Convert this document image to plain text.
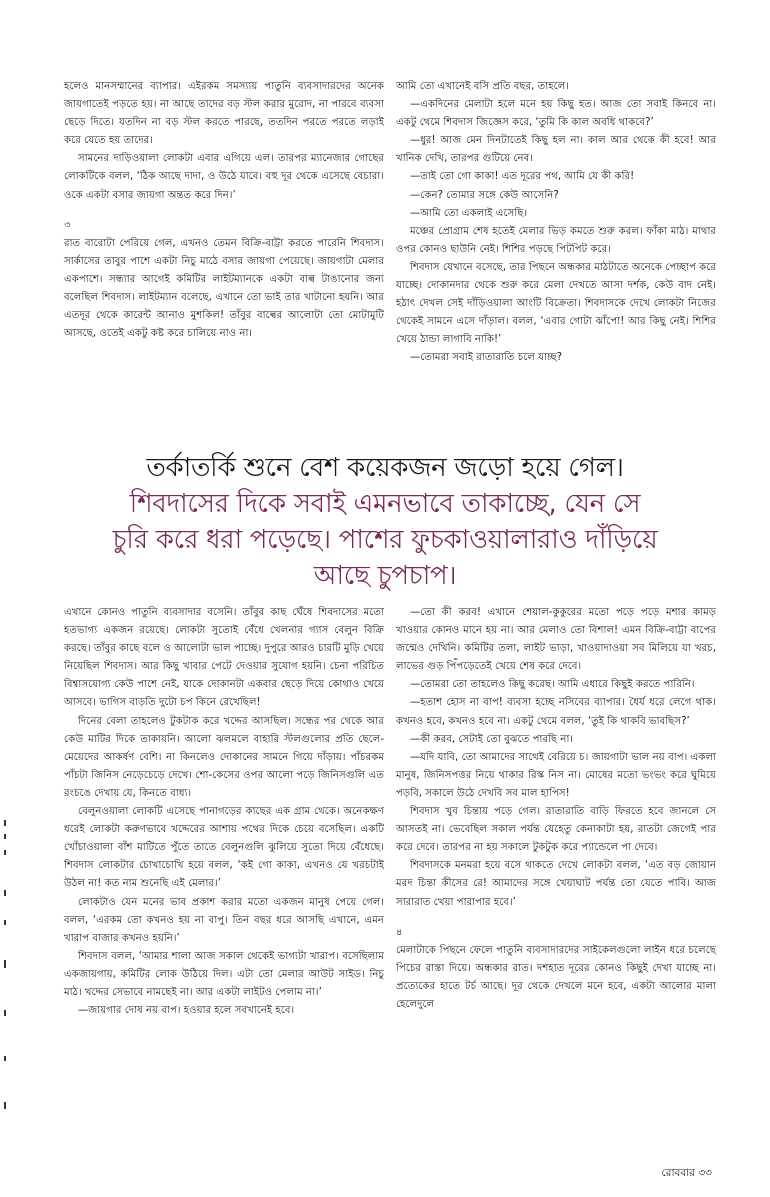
হলেও মানসম্মানের ব্যাপার। এইরকম সমস্যায় পাতুনি ব্যবসাদারদের অনেক জায়গাতেই পড়তে হয়। না আছে তাদের বড় স্টল করার মুরোদ, না পারবে ব্যবসা ছেড়ে দিতে। যতদিন না বড় স্টল করতে পারছে, ততদিন পরতে পরতে লড়াই করে যেতে হয় তাদের।

সামনের দাড়িওয়ালা লোকটা এবার এগিয়ে এল। তারপর ম্যানেজার গোছের লোকটিকে বলল, ‘ঠিক আছে দাদা, ও উঠে যাবে। বহু দূর থেকে এসেছে বেচারা। ওকে একটা বসার জায়গা অন্তত করে দিন।’

৩

রাত বারোটা পেরিয়ে গেল, এখনও তেমন বিক্রি-বাট্টা করতে পারেনি শিবদাস। সার্কাসের তাবুর পাশে একটা নিচু মাঠে বসার জায়গা পেয়েছে। জায়গাটা মেলার একপাশে। সন্ধ্যার আগেই কমিটির লাইটম্যানকে একটা বাল্ব টাঙানোর জন্য বলেছিল শিবদাস। লাইটম্যান বলেছে, এখানে তো ভাই তার খাটানো হয়নি। আর এতদূর থেকে কারেন্ট আনাও মুশকিল! তাঁবুর বাল্বের আলোটা তো মোটামুটি আসছে, ওতেই একটু কষ্ট করে চালিয়ে নাও না।

আমি তো এখানেই বসি প্রতি বছর, তাহলে।

—একদিনের মেলাটা হলে মনে হয় কিছু হত। আজ তো সবাই কিনবে না। একটু থেমে শিবদাস জিজ্ঞেস করে, ‘তুমি কি কাল অবধি থাকবে?’

—ধুর! আজ মেন দিনটাতেই কিছু হল না। কাল আর থেকে কী হবে! আর খানিক দেখি, তারপর গুটিয়ে নেব।

—তাই তো গো কাকা! এত দূরের পথ, আমি যে কী করি!

—কেন? তোমার সঙ্গে কেউ আসেনি?

—আমি তো একলাই এসেছি।

মঞ্চের প্রোগ্রাম শেষ হতেই মেলার ভিড় কমতে শুরু করল। ফাঁকা মাঠ। মাথার ওপর কোনও ছাউনি নেই। শিশির পড়ছে পিটপিট করে।

শিবদাস যেখানে বসেছে, তার পিছনে অন্ধকার মাঠটাতে অনেকে পেচ্ছাপ করে যাচ্ছে। দোকানদার থেকে শুরু করে মেলা দেখতে আসা দর্শক, কেউ বাদ নেই। হঠাৎ দেখল সেই দাঁড়িওয়ালা আংটি বিক্রেতা। শিবদাসকে দেখে লোকটা নিজের থেকেই সামনে এসে দাঁড়াল। বলল, ‘এবার গোটা ঝাঁপো! আর কিছু নেই। শিশির খেয়ে ঠান্ডা লাগাবি নাকি!’

—তোমরা সবাই রাতারাতি চলে যাচ্ছ?

তর্কাতর্কি শুনে বেশ কয়েকজন জড়ো হয়ে গেল।
শিবদাসের দিকে সবাই এমনভাবে তাকাচ্ছে, যেন সে
চুরি করে ধরা পড়েছে। পাশের ফুচকাওয়ালারাও দাঁড়িয়ে
আছে চুপচাপ।

এখানে কোনও পাতুনি ব্যবসাদার বসেনি। তাঁবুর কাছ ঘেঁষে শিবদাসের মতো হতভাগ্য একজন রয়েছে। লোকটা সুতোই বেঁধে খেলনার গ্যাস বেলুন বিক্রি করছে। তাঁবুর কাছে বলে ও আলোটা ভাল পাচ্ছে। দুপুরে আরও চারটি মুড়ি খেয়ে নিয়েছিল শিবদাস। আর কিছু খাবার পেটে দেওয়ার সুযোগ হয়নি। চেনা পরিচিত বিশ্বাসযোগ্য কেউ পাশে নেই, যাকে দোকানটা একবার ছেড়ে দিয়ে কোথাও খেয়ে আসবে। ভাগিস বাড়তি দুটো চপ কিনে রেখেছিল!

দিনের বেলা তাহলেও টুকটাক করে খদ্দের আসছিল। সন্ধের পর থেকে আর কেউ মাটির দিকে তাকায়নি। আলো ঝলমলে বাহারি স্টলগুলোর প্রতি ছেলে-মেয়েদের আকর্ষণ বেশি। না কিনলেও দোকানের সামনে গিয়ে দাঁড়ায়। পাঁচরকম পাঁচটা জিনিস নেড়েচেড়ে দেখে। শো-কেসের ওপর আলো পড়ে জিনিসগুলি এত রংচঙে দেখায় যে, কিনতে বাধ্য।

বেলুনওয়ালা লোকটি এসেছে পানাগড়ের কাছের এক গ্রাম থেকে। অনেকক্ষণ ধরেই লোকটা করুণভাবে খদ্দেরের আশায় পথের দিকে চেয়ে বসেছিল। একটি খোঁচাওয়ালা বাঁশ মাটিতে পুঁতে তাতে বেলুনগুলি ঝুলিয়ে সুতো দিয়ে বেঁধেছে। শিবদাস লোকটার চোখাচোখি হয়ে বলল, ‘কই গো কাকা, এখনও যে খরচটাই উঠল না! কত নাম শুনেছি এই মেলার।’

লোকটাও যেন মনের ভাব প্রকাশ করার মতো একজন মানুষ পেয়ে গেল। বলল, ‘এরকম তো কখনও হয় না বাপু। তিন বছর ধরে আসছি এখানে, এমন খারাপ বাজার কখনও হয়নি।’

শিবদাস বলল, ‘আমার শালা আজ সকাল থেকেই ভাগ্যটা খারাপ। বসেছিলাম একজায়গায়, কমিটির লোক উঠিয়ে দিল। এটা তো মেলার আউট সাইড। নিচু মাঠ। খদ্দের সেভাবে নামছেই না। আর একটা লাইটও পেলাম না।’

—জায়গার দোষ নয় বাপ। হওয়ার হলে সবখানেই হবে।

—তো কী করব! এখানে শেয়াল-কুকুরের মতো পড়ে পড়ে মশার কামড় খাওয়ার কোনও মানে হয় না। আর মেলাও তো বিশাল! এমন বিক্রি-বাট্টা বাপের জন্মেও দেখিনি। কমিটির তলা, লাইট ভাড়া, খাওয়াদাওয়া সব মিলিয়ে যা খরচ, লাভের গুড় পিঁপড়েতেই খেয়ে শেষ করে দেবে।

—তোমরা তো তাহলেও কিছু করেছ। আমি এধারে কিছুই করতে পারিনি।

—হতাশ হোস না বাপ! ব্যবসা হচ্ছে নসিবের ব্যাপার। ধৈর্য ধরে লেগে থাক। কখনও হবে, কখনও হবে না। একটু থেমে বলল, ‘তুই কি থাকবি ভাবছিস?’

—কী করব, সেটাই তো বুঝতে পারছি না।

—যদি যাবি, তো আমাদের সাথেই বেরিয়ে চ। জায়গাটা ভাল নয় বাপ। একলা মানুষ, জিনিসপত্তর নিয়ে থাকার রিস্ক নিস না। মোষের মতো ভংভং করে ঘুমিয়ে পড়বি, সকালে উঠে দেখবি সব মাল হাপিস!

শিবদাস খুব চিন্তায় পড়ে গেল। রাতারাতি বাড়ি ফিরতে হবে জানলে সে আসতই না। ভেবেছিল সকাল পর্যন্ত যেহেতু কেনাকাটা হয়, রাতটা জেগেই পার করে দেবে। তারপর না হয় সকালে টুকটুক করে প্যান্ডেলে পা দেবে।

শিবদাসকে মনমরা হয়ে বসে থাকতে দেখে লোকটা বলল, ‘এত বড় জোয়ান মরদ চিন্তা কীসের রে! আমাদের সঙ্গে খেয়াঘাট পর্যন্ত তো যেতে পাবি। আজ সারারাত খেয়া পারাপার হবে।’

৪

মেলাটাকে পিছনে ফেলে পাতুনি ব্যবসাদারদের সাইকেলগুলো লাইন ধরে চলেছে পিচের রাস্তা দিয়ে। অন্ধকার রাত। দশহাত দূরের কোনও কিছুই দেখা যাচ্ছে না। প্রত্যেকের হাতে টর্চ আছে। দূর থেকে দেখলে মনে হবে, একটা আলোর মালা হেলেদুলে

রোববার ৩৩
